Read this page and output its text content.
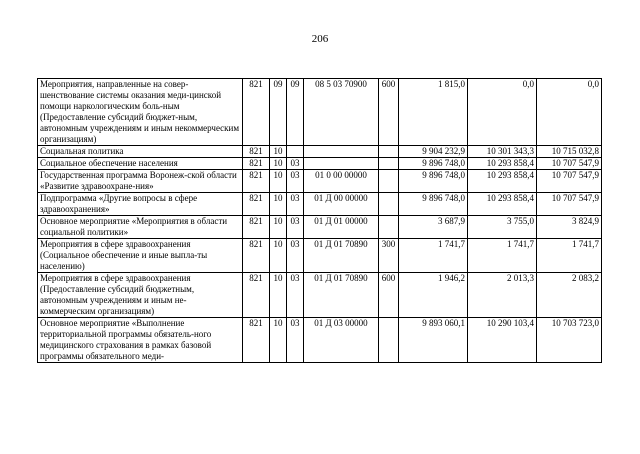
206
Мероприятия, направленные на совер-шенствование системы оказания меди-цинской помощи наркологическим боль-ным (Предоставление субсидий бюджет-ным, автономным учреждениям и иным некоммерческим организациям)	821	09	09	08 5 03 70900	600	1 815,0	0,0	0,0
Социальная политика	821	10				9 904 232,9	10 301 343,3	10 715 032,8
Социальное обеспечение населения	821	10	03			9 896 748,0	10 293 858,4	10 707 547,9
Государственная программа Воронеж-ской области «Развитие здравоохране-ния»	821	10	03	01 0 00 00000		9 896 748,0	10 293 858,4	10 707 547,9
Подпрограмма «Другие вопросы в сфере здравоохранения»	821	10	03	01 Д 00 00000		9 896 748,0	10 293 858,4	10 707 547,9
Основное мероприятие «Мероприятия в области социальной политики»	821	10	03	01 Д 01 00000		3 687,9	3 755,0	3 824,9
Мероприятия в сфере здравоохранения (Социальное обеспечение и иные выпла-ты населению)	821	10	03	01 Д 01 70890	300	1 741,7	1 741,7	1 741,7
Мероприятия в сфере здравоохранения (Предоставление субсидий бюджетным, автономным учреждениям и иным не-коммерческим организациям)	821	10	03	01 Д 01 70890	600	1 946,2	2 013,3	2 083,2
Основное мероприятие «Выполнение территориальной программы обязатель-ного медицинского страхования в рамках базовой программы обязательного меди-	821	10	03	01 Д 03 00000		9 893 060,1	10 290 103,4	10 703 723,0
